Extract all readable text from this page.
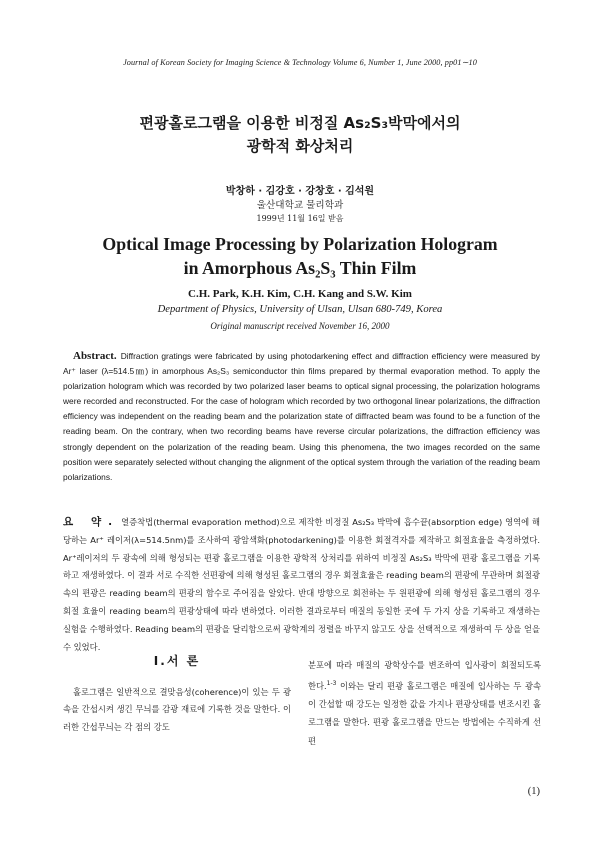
Journal of Korean Society for Imaging Science & Technology Volume 6, Number 1, June 2000, pp01∼10
편광홀로그램을 이용한 비정질 As₂S₃박막에서의
광학적 화상처리
박창하 · 김강호 · 강창호 · 김석원
울산대학교 물리학과
1999년 11월 16일 받음
Optical Image Processing by Polarization Hologram
in Amorphous As₂S₃ Thin Film
C.H. Park, K.H. Kim, C.H. Kang and S.W. Kim
Department of Physics, University of Ulsan, Ulsan 680-749, Korea
Original manuscript received November 16, 2000
Abstract. Diffraction gratings were fabricated by using photodarkening effect and diffraction efficiency were measured by Ar⁺ laser (λ=514.5㎚) in amorphous As₂S₃ semiconductor thin films prepared by thermal evaporation method. To apply the polarization hologram which was recorded by two polarized laser beams to optical signal processing, the polarization holograms were recorded and reconstructed. For the case of hologram which recorded by two orthogonal linear polarizations, the diffraction efficiency was independent on the reading beam and the polarization state of diffracted beam was found to be a function of the reading beam. On the contrary, when two recording beams have reverse circular polarizations, the diffraction efficiency was strongly dependent on the polarization of the reading beam. Using this phenomena, the two images recorded on the same position were separately selected without changing the alignment of the optical system through the variation of the reading beam polarizations.
요 약. 열증착법(thermal evaporation method)으로 제작한 비정질 As₂S₃ 박막에 흡수끝(absorption edge) 영역에 해당하는 Ar⁺ 레이저(λ=514.5nm)를 조사하여 광암색화(photodarkening)를 이용한 회절격자를 제작하고 회절효율을 측정하였다. Ar⁺레이저의 두 광속에 의해 형성되는 편광 홀로그램을 이용한 광학적 상처리를 위하여 비정질 As₂S₃ 박막에 편광 홀로그램을 기록하고 재생하였다. 이 결과 서로 수직한 선편광에 의해 형성된 홀로그램의 경우 회절효율은 reading beam의 편광에 무관하며 회절광속의 편광은 reading beam의 편광의 함수로 주어짐을 알았다. 반대 방향으로 회전하는 두 원편광에 의해 형성된 홀로그램의 경우 회절 효율이 reading beam의 편광상태에 따라 변하였다. 이러한 결과로부터 매질의 동일한 곳에 두 가지 상을 기록하고 재생하는 실험을 수행하였다. Reading beam의 편광을 달리함으로써 광학계의 정렬을 바꾸지 않고도 상을 선택적으로 재생하여 두 상을 얻을 수 있었다.
Ⅰ.서 론

홀로그램은 일반적으로 결맞음성(coherence)이 있는 두 광속을 간섭시켜 생긴 무늬를 감광 재료에 기록한 것을 말한다. 이러한 간섭무늬는 각 점의 강도

분포에 따라 매질의 광학상수를 변조하여 입사광이 회절되도록 한다.$^{1-3}$ 이와는 달리 편광 홀로그램은 매질에 입사하는 두 광속이 간섭할 때 강도는 일정한 값을 가지나 편광상태를 변조시킨 홀로그램을 말한다. 편광 홀로그램을 만드는 방법에는 수직하게 선편

(1)
